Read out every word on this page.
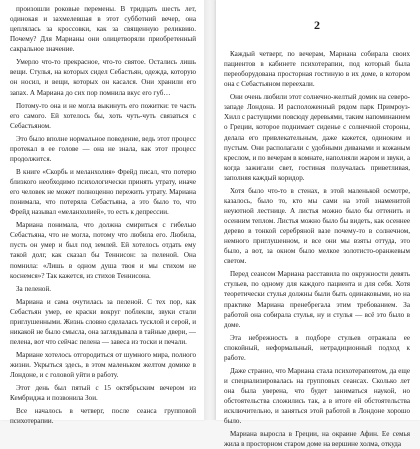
произошли роковые перемены. В тридцать шесть лет, одинокая и захмелевшая в этот субботний вечер, она цеплялась за кроссовки, как за священную реликвию. Почему? Для Марианы они олицетворяли приобретенный сакральное значение.

Умерло что-то прекрасное, что-то святое. Остались лишь вещи. Стулья, на которых сидел Себастьян, одежда, которую он носил, и вещи, которых он касался. Они хранили его запах. А Мариана до сих пор помнила вкус его губ…

Потому-то она и не могла выкинуть его пожитки: те часть его самого. Ей хотелось бы, хоть чуть-чуть связаться с Себастьяном.

Это было вполне нормальное поведение, ведь этот процесс протекал в ее голове — она не знала, как этот процесс продолжится.

В книге «Скорбь и меланхолия» Фрейд писал, что потерю близкого необходимо психологически принять утрату, иначе его человек не может полноценно пережить утрату. Мариана понимала, что потеряла Себастьяна, а это было то, что Фрейд называл «меланхолией», то есть к депрессии.

Мариана понимала, что должна смириться с гибелью Себастьяна, что не могла, потому что любила его. Любила, пусть он умер и был под землей. Ей хотелось отдать ему такой долг, как сказал бы Теннисон: за пеленой. Она помнила: «Лишь в одном душа твоя и мы стихом не коснемся»? Так кажется, из стихов Теннисона.

За пеленой.

Мариана и сама очутилась за пеленой. С тех пор, как Себастьян умер, ее краски вокруг поблекли, звуки стали приглушенными. Жизнь словно сделалась тусклой и серой, и никакой не было смысла, она заглядывала в тайные двери, — пелена, вот что сейчас пелена — завеса из тоски и печали.

Мариане хотелось отгородиться от шумного мира, полного жизни. Укрыться здесь, в этом маленьком желтом домике в Лондоне, и с головой уйти в работу.

Этот день был пятый с 15 октябрьским вечером из Кембриджа и позвонила Зои.

Все началось в четверг, после сеанса групповой психотерапии.

2

Каждый четверг, по вечерам, Мариана собирала своих пациентов в кабинете психотерапии, под который была переоборудована просторная гостиную в их доме, в котором она с Себастьяном переехали.

Они очень любили этот солнечно-желтый домик на северо-западе Лондона. И расположенный рядом парк Примроуз-Хилл с растущими повсюду деревьями, таким напоминанием о Греции, которое поднимает сиденье с солнечной стороны, делала его привлекательным, даже кажется, одиноким и пустым. Они располагали с удобными диванами и кожаным креслом, и по вечерам в комнате, наполняли жаром и звуки, а когда зажигали свет, гостиная получалась приветливая, заполняя каждый коридор.

Хотя было что-то в стенах, в этой маленькой осмотре, казалось, было то, кто мы сами на этой знаменитой неуютной лестнице. А листья можно было бы оттенить и осенним теплом. Листья можно было бы видеть, как осеннее дерево в тонкой серебряной вазе почему-то в солнечном, немного приглушенном, и все они мы взяты оттуда, это было, а вот, за окном было мелкое золотисто-оранжевым светом.

Перед сеансом Мариана расставила по окружности девять стульев, по одному для каждого пациента и для себя. Хотя теоретически стулья должны были быть одинаковыми, но на практике Мариана пренебрегала этим требованием. За работой она собирала стулья, ну и стулья — всё это было в доме.

Эта небрежность в подборе стульев отражала ее спокойный, неформальный, нетрадиционный подход к работе.

Даже странно, что Мариана стала психотерапевтом, да еще и специализировалась на групповых сеансах. Сколько лет она была уверена, что будет заниматься наукой, но обстоятельства сложились так, а в итоге ей обстоятельства исключительно, и заняться этой работой в Лондоне хорошо было.

Мариана выросла в Греции, на окраине Афин. Ее семья жила в просторном старом доме на вершине холма, откуда
